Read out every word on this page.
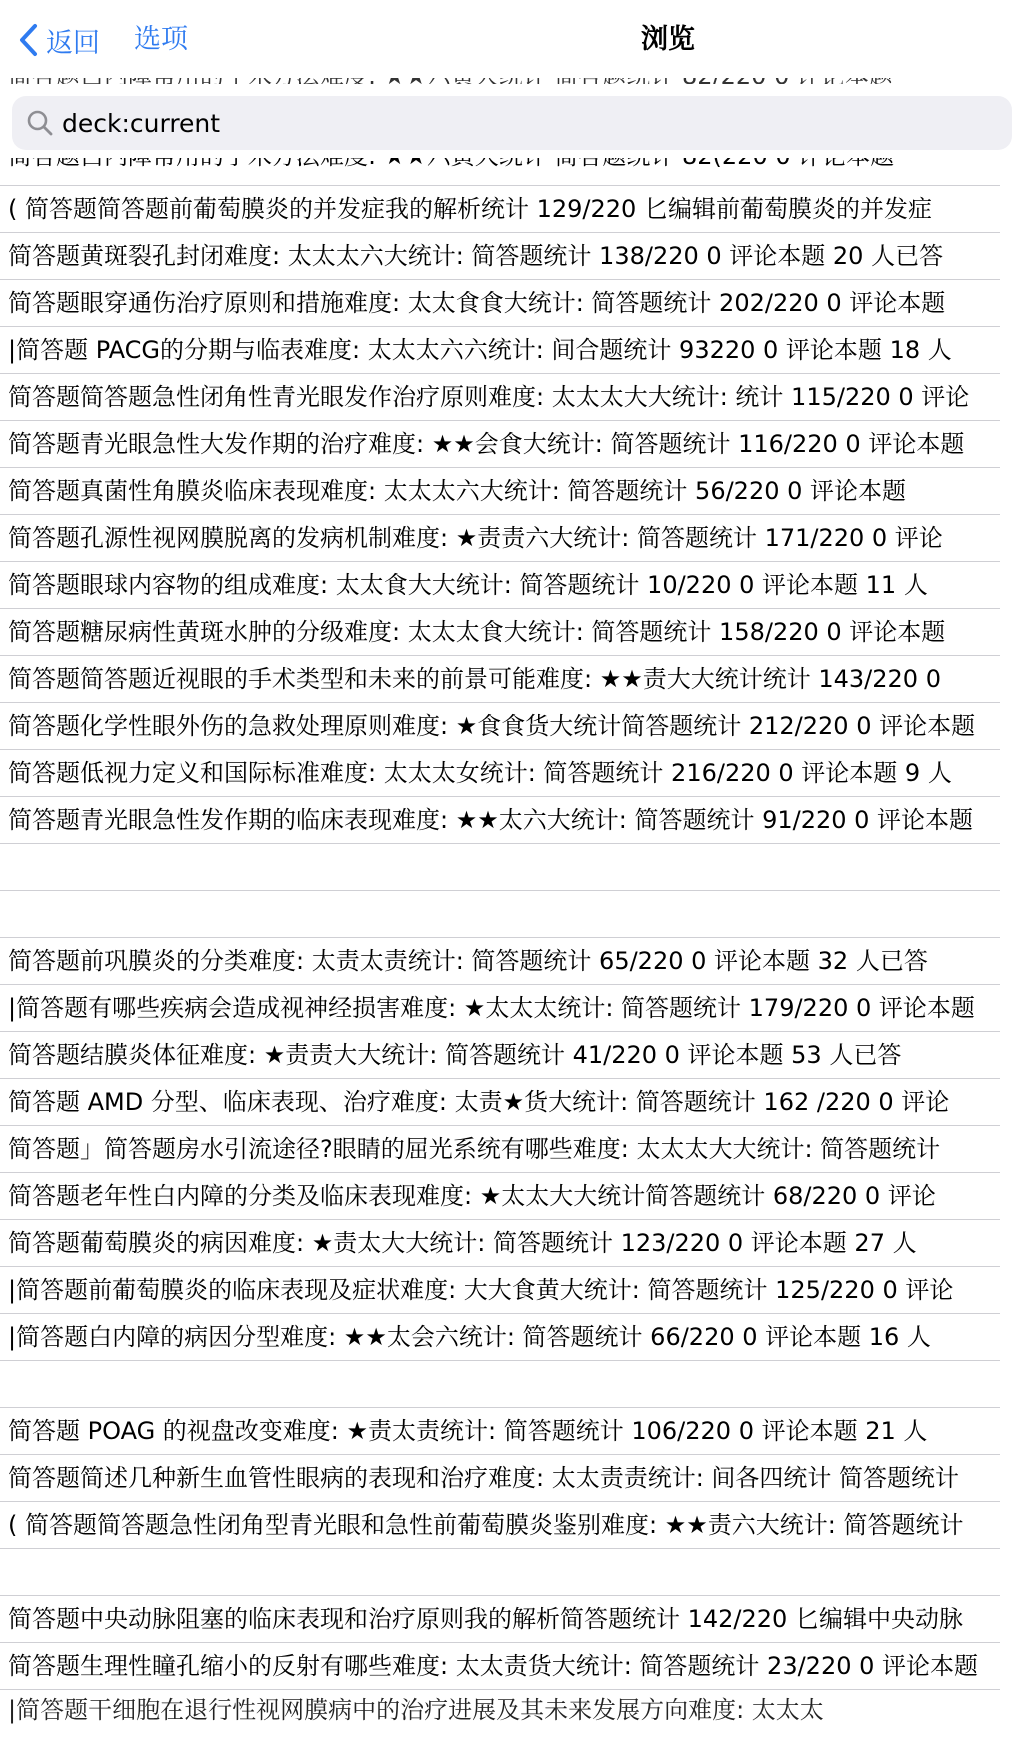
返回 选项	浏览
deck:current
( 简答题简答题前葡萄膜炎的并发症我的解析统计 129/220 匕编辑前葡萄膜炎的并发症
简答题黄斑裂孔封闭难度: 太太太六大统计: 简答题统计 138/220 0 评论本题 20 人已答
简答题眼穿通伤治疗原则和措施难度: 太太食食大统计: 简答题统计 202/220 0 评论本题
|简答题 PACG的分期与临表难度: 太太太六六统计: 间合题统计 93220 0 评论本题 18 人
简答题简答题急性闭角性青光眼发作治疗原则难度: 太太太大大统计: 统计 115/220 0 评论
简答题青光眼急性大发作期的治疗难度: ★★会食大统计: 简答题统计 116/220 0 评论本题
简答题真菌性角膜炎临床表现难度: 太太太六大统计: 简答题统计 56/220 0 评论本题
简答题孔源性视网膜脱离的发病机制难度: ★责责六大统计: 简答题统计 171/220 0 评论
简答题眼球内容物的组成难度: 太太食大大统计: 简答题统计 10/220 0 评论本题 11 人
简答题糖尿病性黄斑水肿的分级难度: 太太太食大统计: 简答题统计 158/220 0 评论本题
简答题简答题近视眼的手术类型和未来的前景可能难度: ★★责大大统计统计 143/220 0
简答题化学性眼外伤的急救处理原则难度: ★食食货大统计简答题统计 212/220 0 评论本题
简答题低视力定义和国际标准难度: 太太太女统计: 简答题统计 216/220 0 评论本题 9 人
简答题青光眼急性发作期的临床表现难度: ★★太六大统计: 简答题统计 91/220 0 评论本题
简答题前巩膜炎的分类难度: 太责太责统计: 简答题统计 65/220 0 评论本题 32 人已答
|简答题有哪些疾病会造成视神经损害难度: ★太太太统计: 简答题统计 179/220 0 评论本题
简答题结膜炎体征难度: ★责责大大统计: 简答题统计 41/220 0 评论本题 53 人已答
简答题 AMD 分型、临床表现、治疗难度: 太责★货大统计: 简答题统计 162 /220 0 评论
简答题」简答题房水引流途径?眼睛的屈光系统有哪些难度: 太太太大大统计: 简答题统计
简答题老年性白内障的分类及临床表现难度: ★太太大大统计简答题统计 68/220 0 评论
简答题葡萄膜炎的病因难度: ★责太大大统计: 简答题统计 123/220 0 评论本题 27 人
|简答题前葡萄膜炎的临床表现及症状难度: 大大食黄大统计: 简答题统计 125/220 0 评论
|简答题白内障的病因分型难度: ★★太会六统计: 简答题统计 66/220 0 评论本题 16 人
简答题 POAG 的视盘改变难度: ★责太责统计: 简答题统计 106/220 0 评论本题 21 人
简答题简述几种新生血管性眼病的表现和治疗难度: 太太责责统计: 间各四统计 简答题统计
( 简答题简答题急性闭角型青光眼和急性前葡萄膜炎鉴别难度: ★★责六大统计: 简答题统计
简答题中央动脉阻塞的临床表现和治疗原则我的解析简答题统计 142/220 匕编辑中央动脉
简答题生理性瞳孔缩小的反射有哪些难度: 太太责货大统计: 简答题统计 23/220 0 评论本题
|简答题干细胞在退行性视网膜病中的治疗进展及其未来发展方向难度: 太太太
